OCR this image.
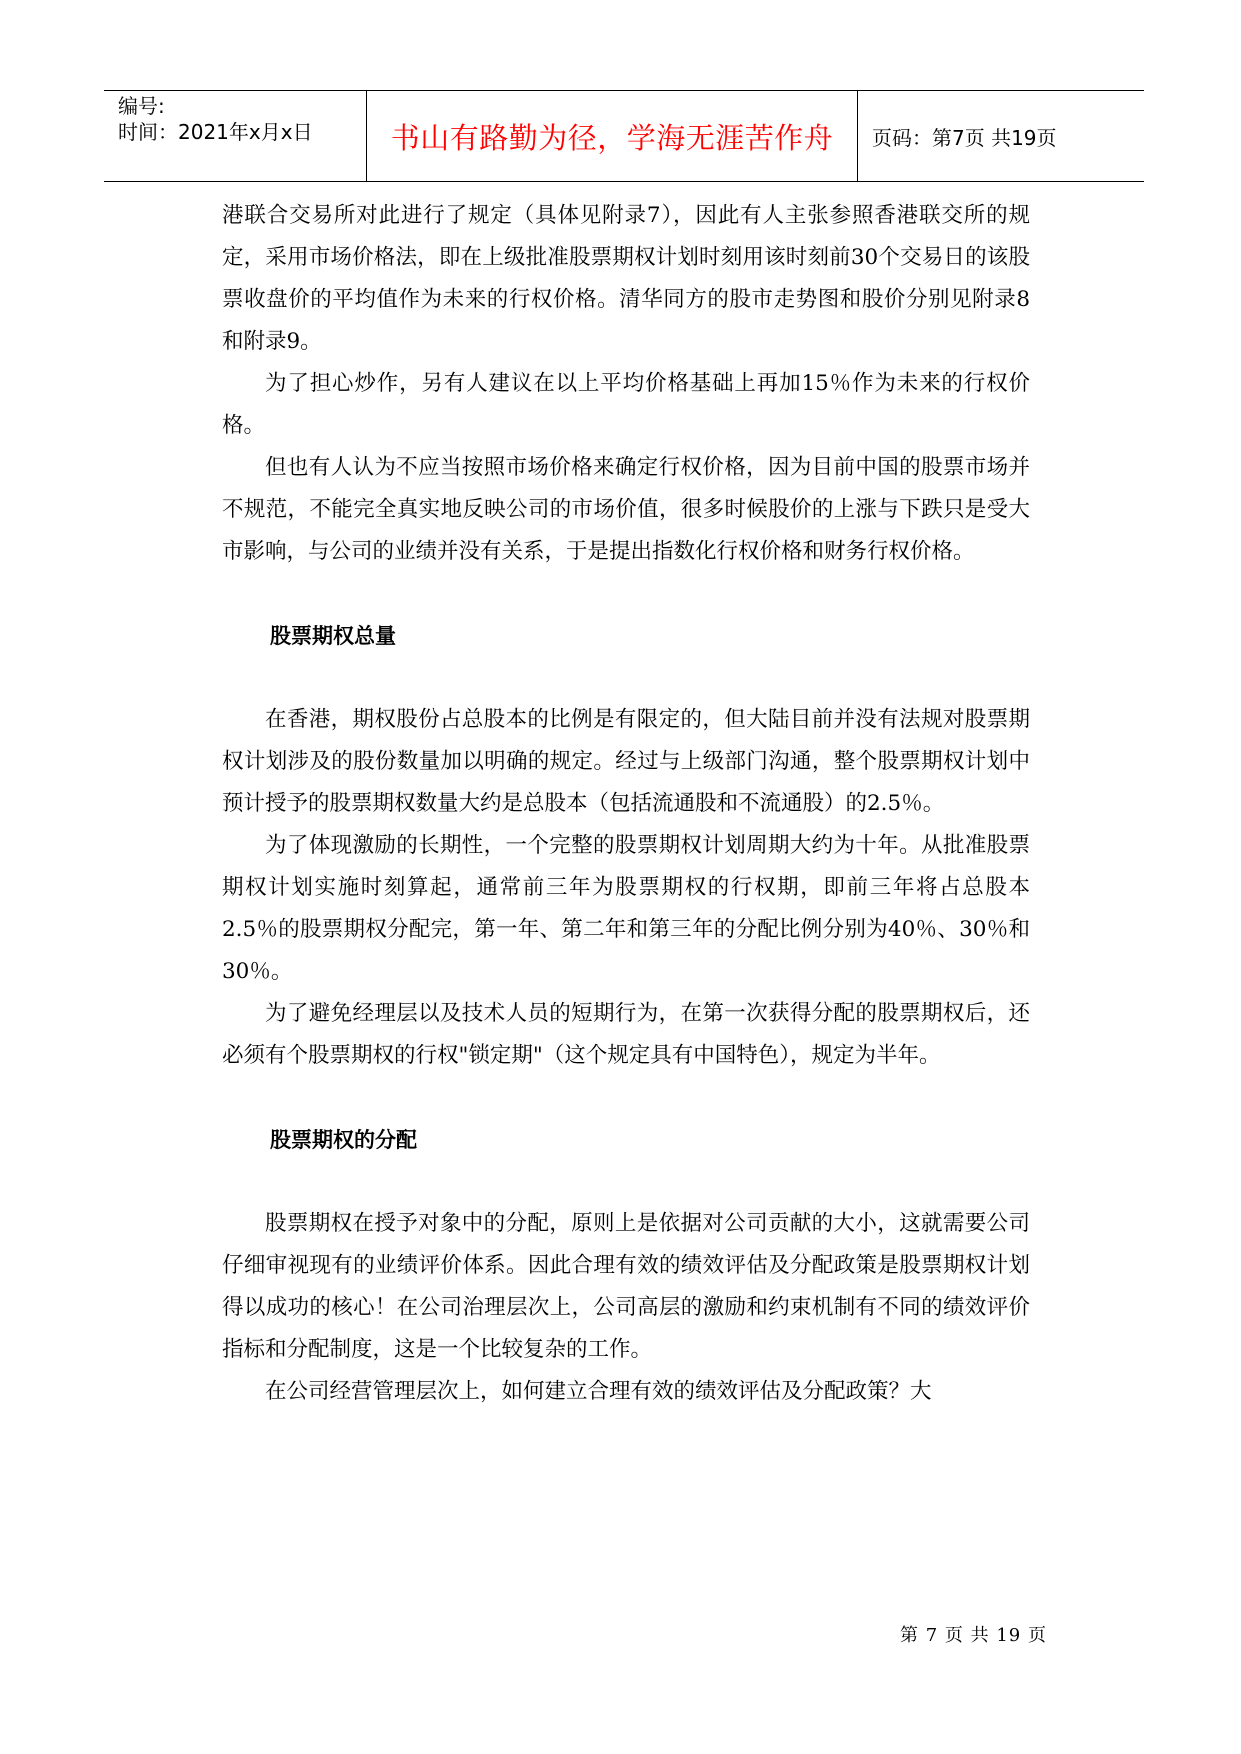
编号:
时间：2021年x月x日	书山有路勤为径，学海无涯苦作舟	页码：第7页 共19页

港联合交易所对此进行了规定（具体见附录7），因此有人主张参照香港联交所的规定，采用市场价格法，即在上级批准股票期权计划时刻用该时刻前30个交易日的该股票收盘价的平均值作为未来的行权价格。清华同方的股市走势图和股价分别见附录8和附录9。

为了担心炒作，另有人建议在以上平均价格基础上再加15％作为未来的行权价格。

但也有人认为不应当按照市场价格来确定行权价格，因为目前中国的股票市场并不规范，不能完全真实地反映公司的市场价值，很多时候股价的上涨与下跌只是受大市影响，与公司的业绩并没有关系，于是提出指数化行权价格和财务行权价格。

股票期权总量

在香港，期权股份占总股本的比例是有限定的，但大陆目前并没有法规对股票期权计划涉及的股份数量加以明确的规定。经过与上级部门沟通，整个股票期权计划中预计授予的股票期权数量大约是总股本（包括流通股和不流通股）的2.5％。

为了体现激励的长期性，一个完整的股票期权计划周期大约为十年。从批准股票期权计划实施时刻算起，通常前三年为股票期权的行权期，即前三年将占总股本2.5％的股票期权分配完，第一年、第二年和第三年的分配比例分别为40％、30％和30％。

为了避免经理层以及技术人员的短期行为，在第一次获得分配的股票期权后，还必须有个股票期权的行权"锁定期"（这个规定具有中国特色），规定为半年。

股票期权的分配

股票期权在授予对象中的分配，原则上是依据对公司贡献的大小，这就需要公司仔细审视现有的业绩评价体系。因此合理有效的绩效评估及分配政策是股票期权计划得以成功的核心！在公司治理层次上，公司高层的激励和约束机制有不同的绩效评价指标和分配制度，这是一个比较复杂的工作。

在公司经营管理层次上，如何建立合理有效的绩效评估及分配政策？大

第 7 页 共 19 页
